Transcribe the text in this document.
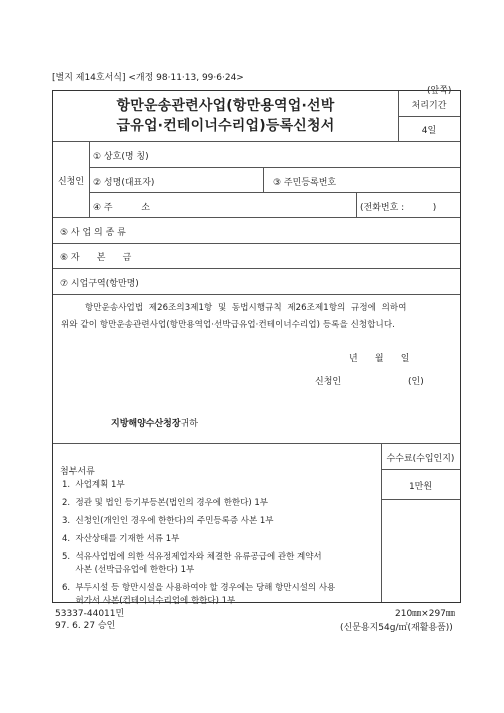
[별지 제14호서식] <개정 98·11·13, 99·6·24>
(앞쪽)
항만운송관련사업(항만용역업·선박
급유업·컨테이너수리업)등록신청서
처리기간
4일
신청인
① 상호(명 칭)
② 성명(대표자)	③ 주민등록번호
④ 주          소	(전화번호 :          )
⑤ 사 업 의 종 류
⑥ 자      본      금
⑦ 시업구역(항만명)
항만운송사업법  제26조의3제1항  및  동법시행규칙  제26조제1항의  규정에  의하여
위와 같이 항만운송관련사업(항만용역업·선박급유업·컨테이너수리업) 등록을 신청합니다.
년      월      일
신청인	(인)
지방해양수산청장귀하
첨부서류
1.  사업계획 1부
2.  정관 및 법인 등기부등본(법인의 경우에 한한다) 1부
3.  신청인(개인인 경우에 한한다)의 주민등록증 사본 1부
4.  자산상태를 기재한 서류 1부
5.  석유사업법에 의한 석유정제업자와 체결한 유류공급에 관한 계약서
사본 (선박급유업에 한한다) 1부
6.  부두시설 등 항만시설을 사용하여야 할 경우에는 당해 항만시설의 사용
허가서 사본(컨테이너수리업에 한한다) 1부
수수료(수입인지)
1만원
53337-44011민
97. 6. 27 승인
210㎜×297㎜
(신문용지54g/㎡(재활용품))
